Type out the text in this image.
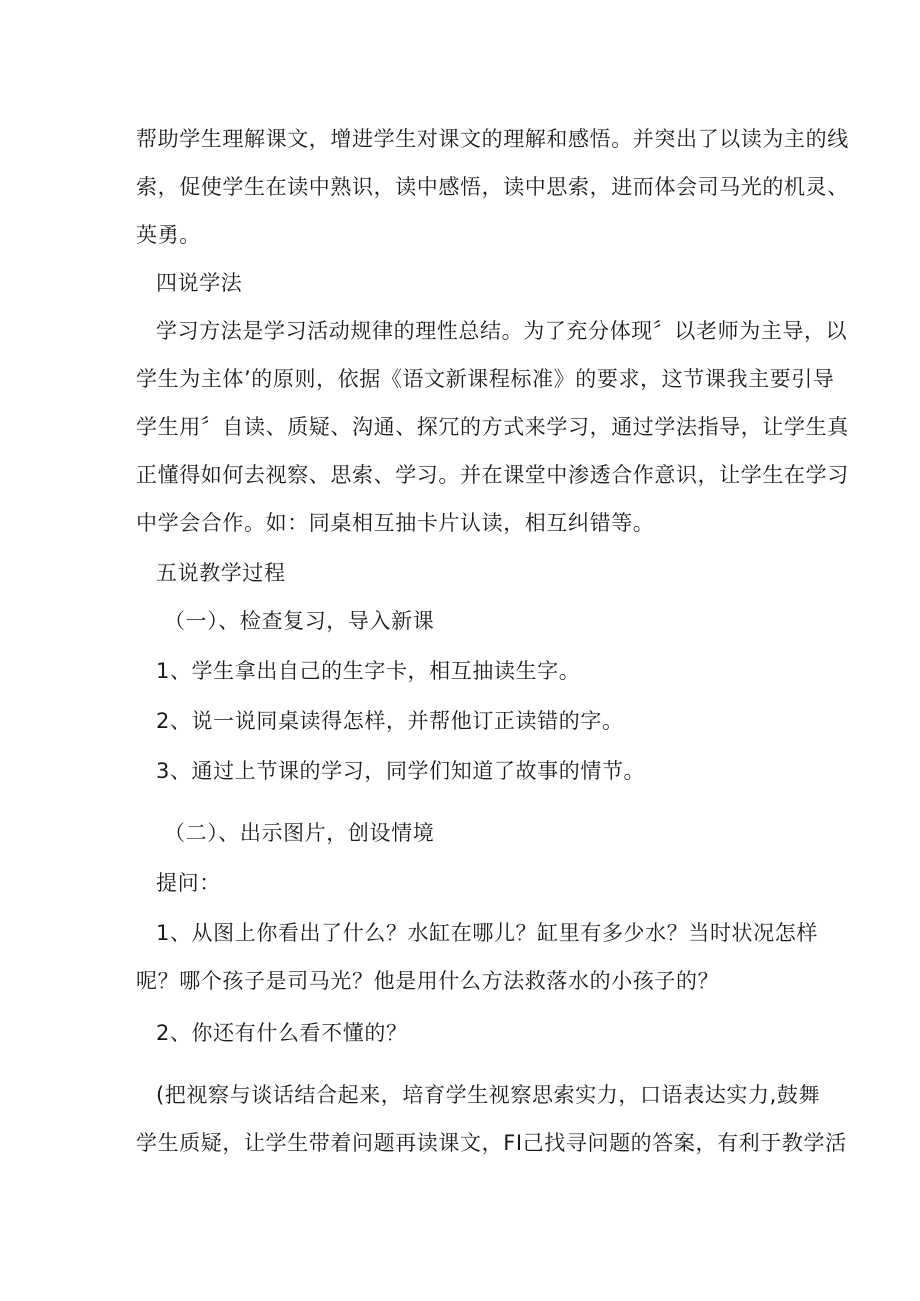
帮助学生理解课文，增进学生对课文的理解和感悟。并突出了以读为主的线
索，促使学生在读中熟识，读中感悟，读中思索，进而体会司马光的机灵、
英勇。
四说学法
学习方法是学习活动规律的理性总结。为了充分体现〞以老师为主导，以
学生为主体’的原则，依据《语文新课程标准》的要求，这节课我主要引导
学生用〞自读、质疑、沟通、探冗的方式来学习，通过学法指导，让学生真
正懂得如何去视察、思索、学习。并在课堂中渗透合作意识，让学生在学习
中学会合作。如：同桌相互抽卡片认读，相互纠错等。
五说教学过程
（一）、检查复习，导入新课
1、学生拿出自己的生字卡，相互抽读生字。
2、说一说同桌读得怎样，并帮他订正读错的字。
3、通过上节课的学习，同学们知道了故事的情节。
（二）、出示图片，创设情境
提问：
1、从图上你看出了什么？水缸在哪儿？缸里有多少水？当时状况怎样
呢？哪个孩子是司马光？他是用什么方法救落水的小孩子的？
2、你还有什么看不懂的？
(把视察与谈话结合起来，培育学生视察思索实力，口语表达实力,鼓舞
学生质疑，让学生带着问题再读课文，FI己找寻问题的答案，有利于教学活
